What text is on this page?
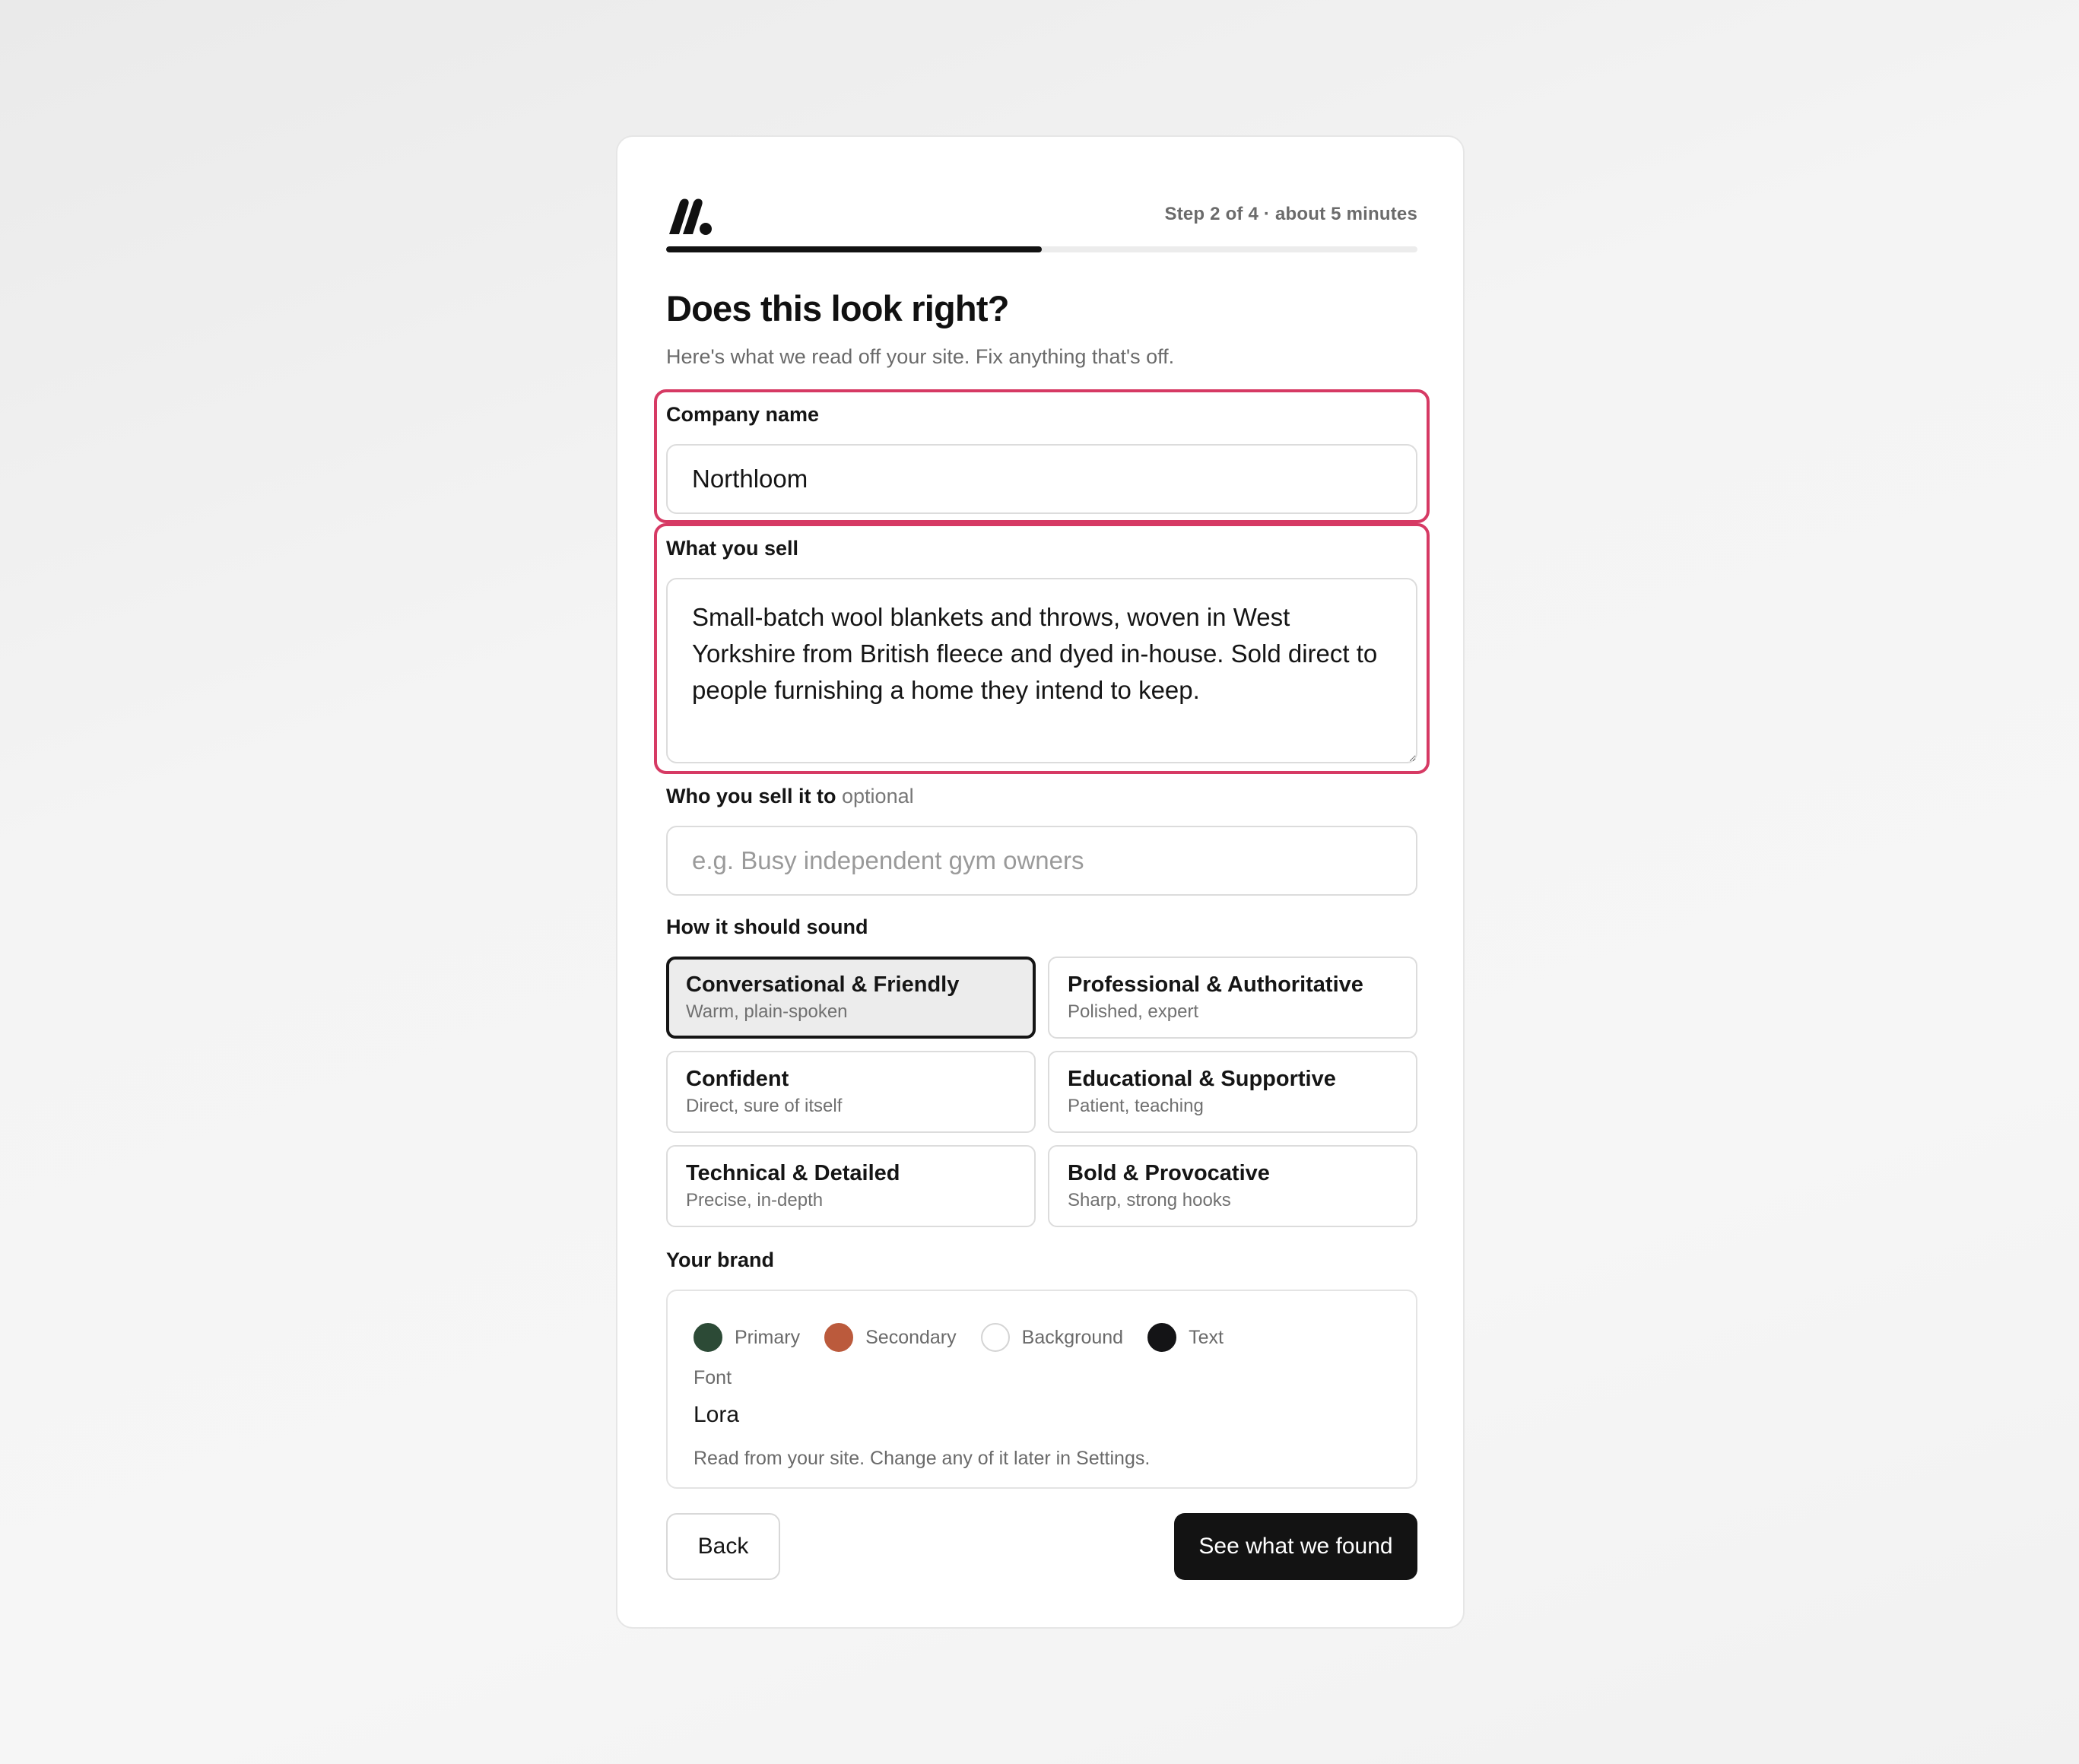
Step 2 of 4 · about 5 minutes
Does this look right?
Here's what we read off your site. Fix anything that's off.
Company name
Northloom
What you sell
Small-batch wool blankets and throws, woven in West Yorkshire from British fleece and dyed in-house. Sold direct to people furnishing a home they intend to keep.
Who you sell it to optional
e.g. Busy independent gym owners
How it should sound
Conversational & Friendly
Warm, plain-spoken
Professional & Authoritative
Polished, expert
Confident
Direct, sure of itself
Educational & Supportive
Patient, teaching
Technical & Detailed
Precise, in-depth
Bold & Provocative
Sharp, strong hooks
Your brand
Primary	Secondary	Background	Text
Font
Lora
Read from your site. Change any of it later in Settings.
Back	See what we found
